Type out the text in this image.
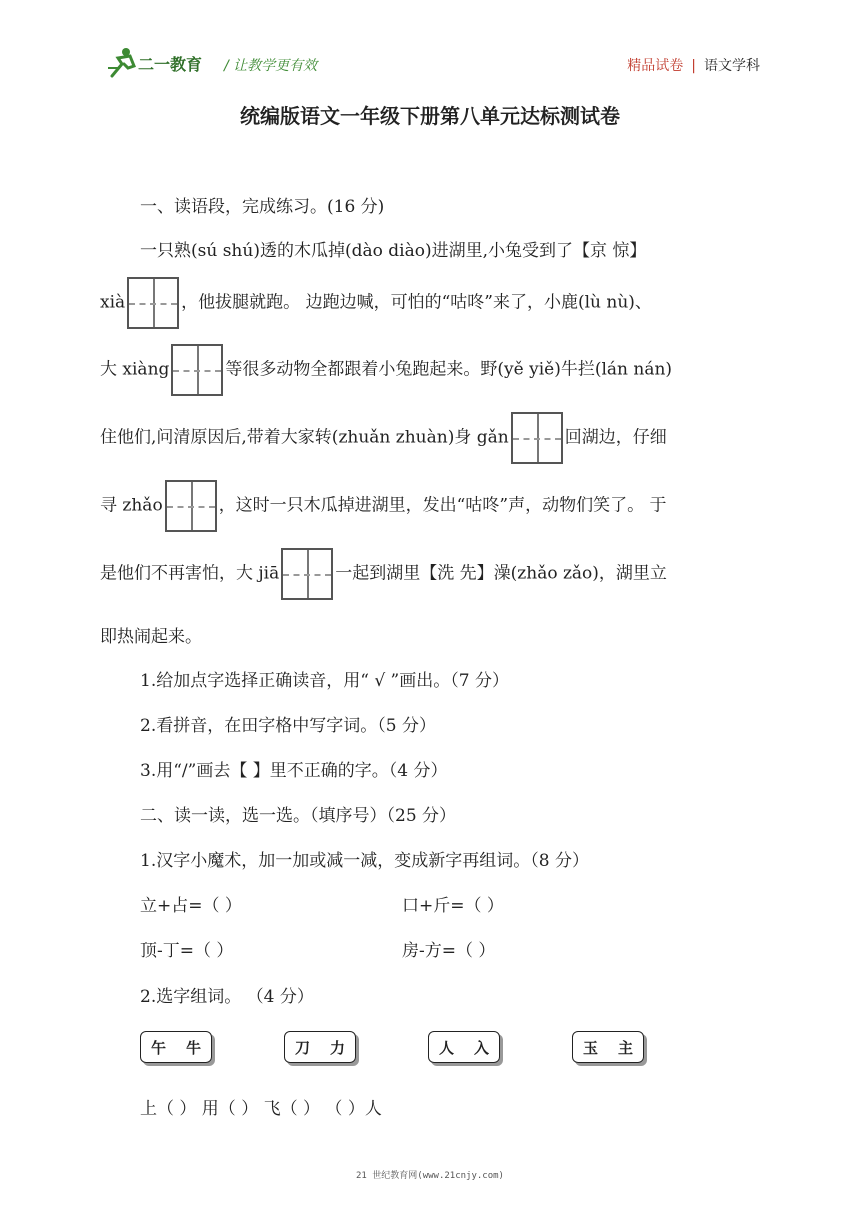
二一教育 / 让教学更有效	精品试卷 | 语文学科
统编版语文一年级下册第八单元达标测试卷
一、读语段，完成练习。(16 分)
一只熟(sú shú)透的木瓜掉(dào diào)进湖里,小兔受到了【京 惊】
xià	，他拔腿就跑。 边跑边喊，可怕的“咕咚”来了，小鹿(lù nù)、
大 xiàng	等很多动物全都跟着小兔跑起来。野(yě yiě)牛拦(lán nán)
住他们,问清原因后,带着大家转(zhuǎn zhuàn)身 gǎn	回湖边，仔细
寻 zhǎo	，这时一只木瓜掉进湖里，发出“咕咚”声，动物们笑了。 于
是他们不再害怕，大 jiā	一起到湖里【洗 先】澡(zhǎo zǎo)，湖里立
即热闹起来。
1.给加点字选择正确读音，用“ √ ”画出。（7 分）
2.看拼音，在田字格中写字词。（5 分）
3.用“/”画去【 】里不正确的字。（4 分）
二、读一读，选一选。（填序号）（25 分）
1.汉字小魔术，加一加或减一减，变成新字再组词。（8 分）
立+占=（ ）	口+斤=（ ）
顶-丁=（ ）	房-方=（ ）
2.选字组词。 （4 分）
午 牛	刀 力	人 入	玉 主
上（ ） 用（ ） 飞（ ） （ ）人
21 世纪教育网(www.21cnjy.com)
